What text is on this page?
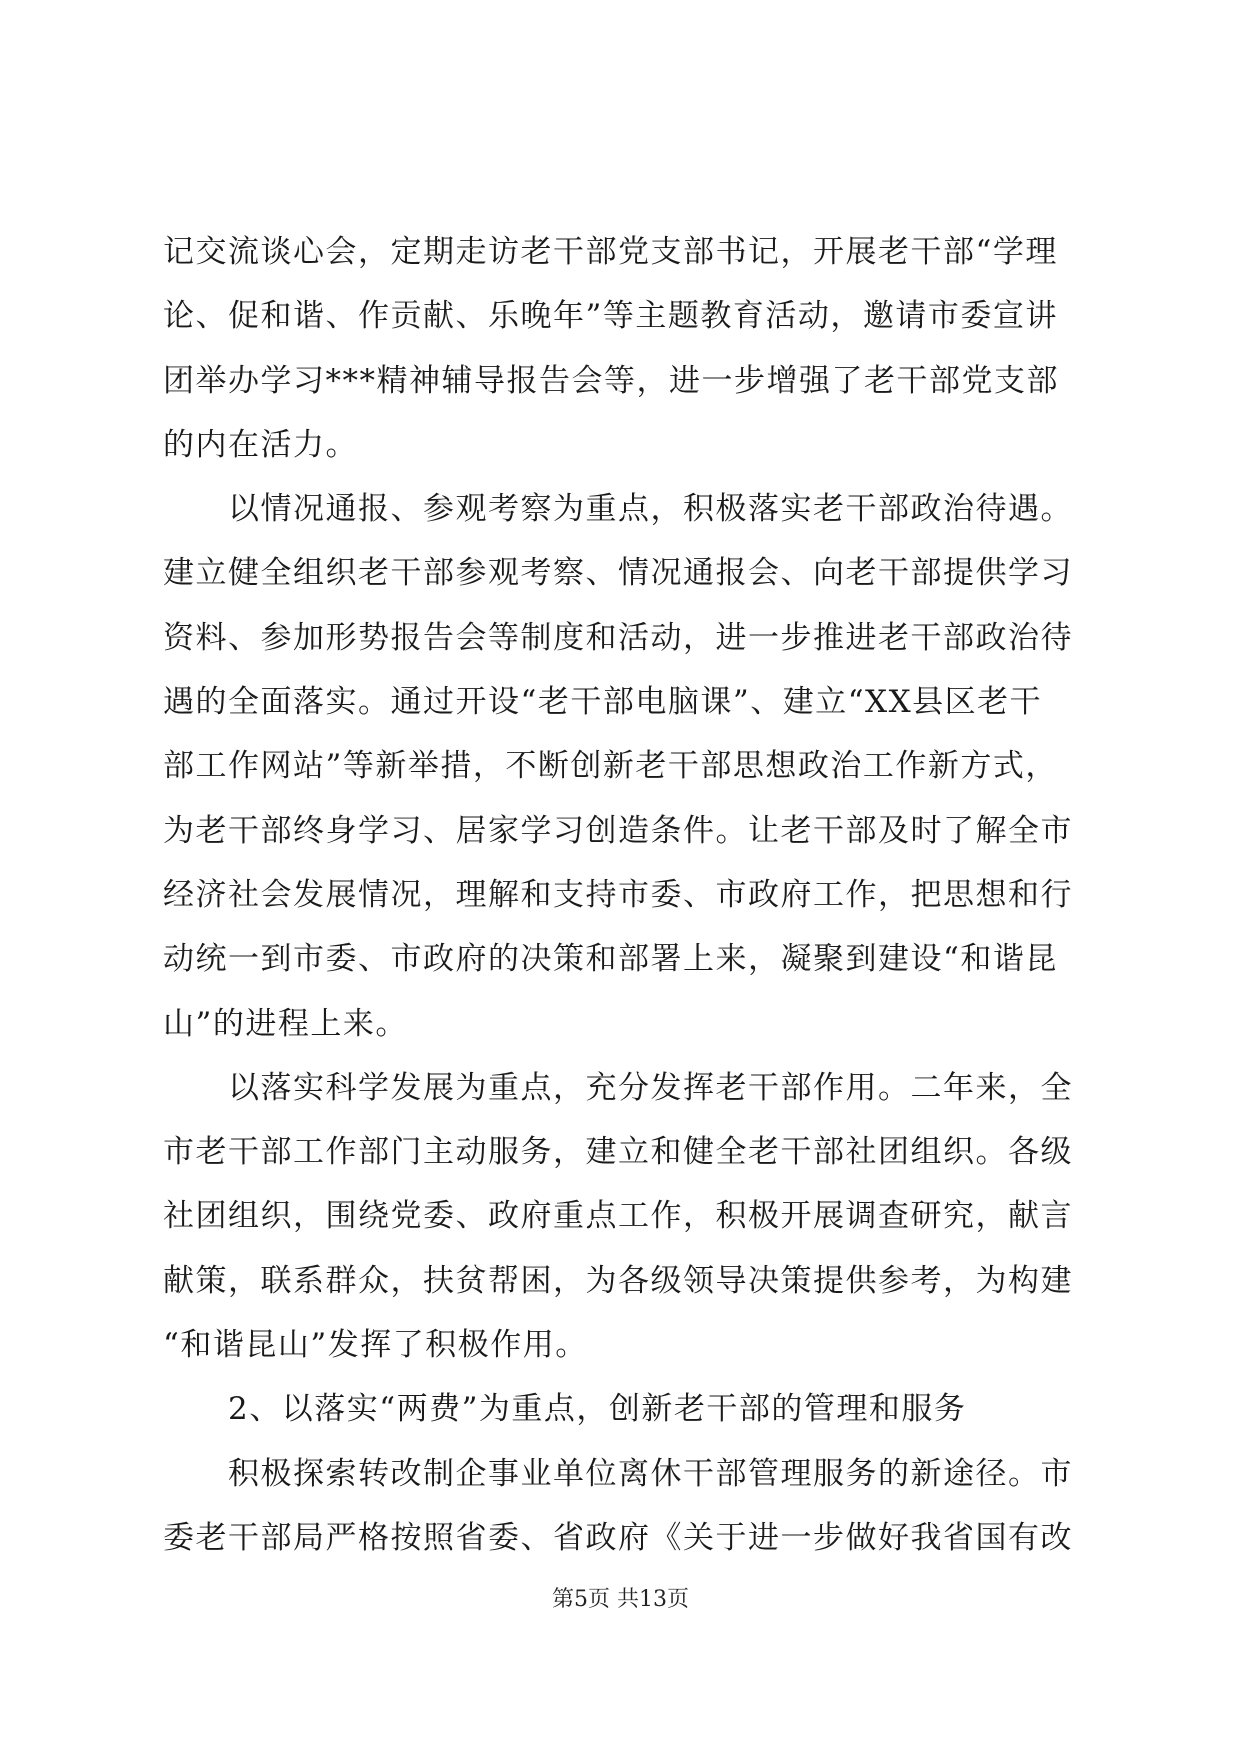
记交流谈心会，定期走访老干部党支部书记，开展老干部“学理
论、促和谐、作贡献、乐晚年”等主题教育活动，邀请市委宣讲
团举办学习***精神辅导报告会等，进一步增强了老干部党支部
的内在活力。
　　以情况通报、参观考察为重点，积极落实老干部政治待遇。
建立健全组织老干部参观考察、情况通报会、向老干部提供学习
资料、参加形势报告会等制度和活动，进一步推进老干部政治待
遇的全面落实。通过开设“老干部电脑课”、建立“XX县区老干
部工作网站”等新举措，不断创新老干部思想政治工作新方式，
为老干部终身学习、居家学习创造条件。让老干部及时了解全市
经济社会发展情况，理解和支持市委、市政府工作，把思想和行
动统一到市委、市政府的决策和部署上来，凝聚到建设“和谐昆
山”的进程上来。
　　以落实科学发展为重点，充分发挥老干部作用。二年来，全
市老干部工作部门主动服务，建立和健全老干部社团组织。各级
社团组织，围绕党委、政府重点工作，积极开展调查研究，献言
献策，联系群众，扶贫帮困，为各级领导决策提供参考，为构建
“和谐昆山”发挥了积极作用。
　　2、以落实“两费”为重点，创新老干部的管理和服务
　　积极探索转改制企事业单位离休干部管理服务的新途径。市
委老干部局严格按照省委、省政府《关于进一步做好我省国有改
第5页 共13页
